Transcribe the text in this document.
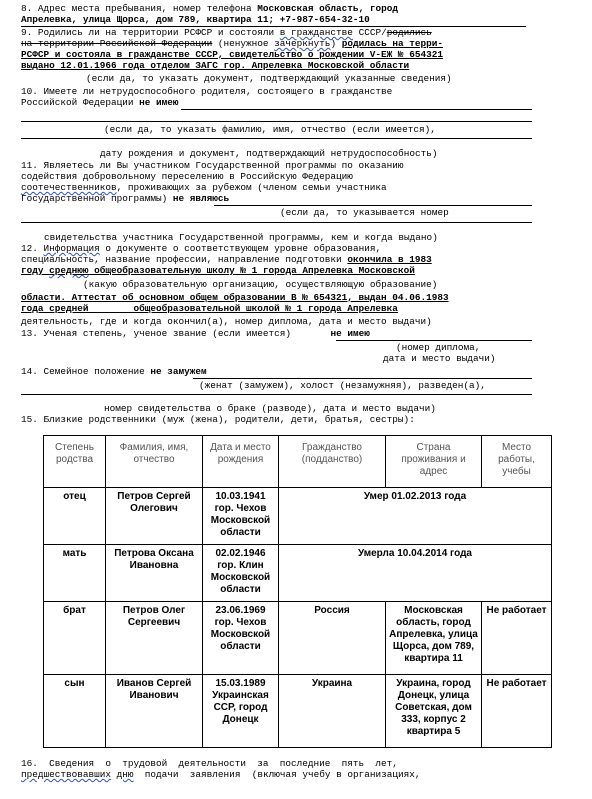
8. Адрес места пребывания, номер телефона Московская область, город
Апрелевка, улица Щорса, дом 789, квартира 11; +7-987-654-32-10
9. Родились ли на территории РСФСР и состояли в гражданстве СССР/родились
на территории Российской Федерации (ненужное зачеркнуть) родилась на терри-
РСФСР и состояла в гражданстве СССР, свидетельство о рождении V-ЕЖ № 654321
выдано 12.01.1966 года отделом ЗАГС гор. Апрелевка Московской области
(если да, то указать документ, подтверждающий указанные сведения)
10. Имеете ли нетрудоспособного родителя, состоящего в гражданстве
Российской Федерации не имею
(если да, то указать фамилию, имя, отчество (если имеется),
дату рождения и документ, подтверждающий нетрудоспособность)
11. Являетесь ли Вы участником Государственной программы по оказанию
содействия добровольному переселению в Российскую Федерацию
соотечественников, проживающих за рубежом (членом семьи участника
Государственной программы) не являюсь
(если да, то указывается номер
свидетельства участника Государственной программы, кем и когда выдано)
12. Информация о документе о соответствующем уровне образования,
специальность, название профессии, направление подготовки окончила в 1983
году среднюю общеобразовательную школу № 1 города Апрелевка Московской
(какую образовательную организацию, осуществляющую образование)
области. Аттестат об основном общем образовании В № 654321, выдан 04.06.1983
года средней        общеобразовательной школой № 1 города Апрелевка
деятельность, где и когда окончил(а), номер диплома, дата и место выдачи)
13. Ученая степень, ученое звание (если имеется)       не имею
(номер диплома,
дата и место выдачи)
14. Семейное положение не замужем
(женат (замужем), холост (незамужняя), разведен(а),
номер свидетельства о браке (разводе), дата и место выдачи)
15. Близкие родственники (муж (жена), родители, дети, братья, сестры):
Степень родства	Фамилия, имя, отчество	Дата и место рождения	Гражданство (подданство)	Страна проживания и адрес	Место работы, учебы
отец	Петров Сергей Олегович	10.03.1941 гор. Чехов Московской области	Умер 01.02.2013 года		
мать	Петрова Оксана Ивановна	02.02.1946 гор. Клин Московской области	Умерла 10.04.2014 года		
брат	Петров Олег Сергеевич	23.06.1969 гор. Чехов Московской области	Россия	Московская область, город Апрелевка, улица Щорса, дом 789, квартира 11	Не работает
сын	Иванов Сергей Иванович	15.03.1989 Украинская ССР, город Донецк	Украина	Украина, город Донецк, улица Советская, дом 333, корпус 2 квартира 5	Не работает
16.  Сведения  о  трудовой  деятельности  за  последние  пять  лет,
предшествовавших дню  подачи  заявления  (включая учебу в организациях,
